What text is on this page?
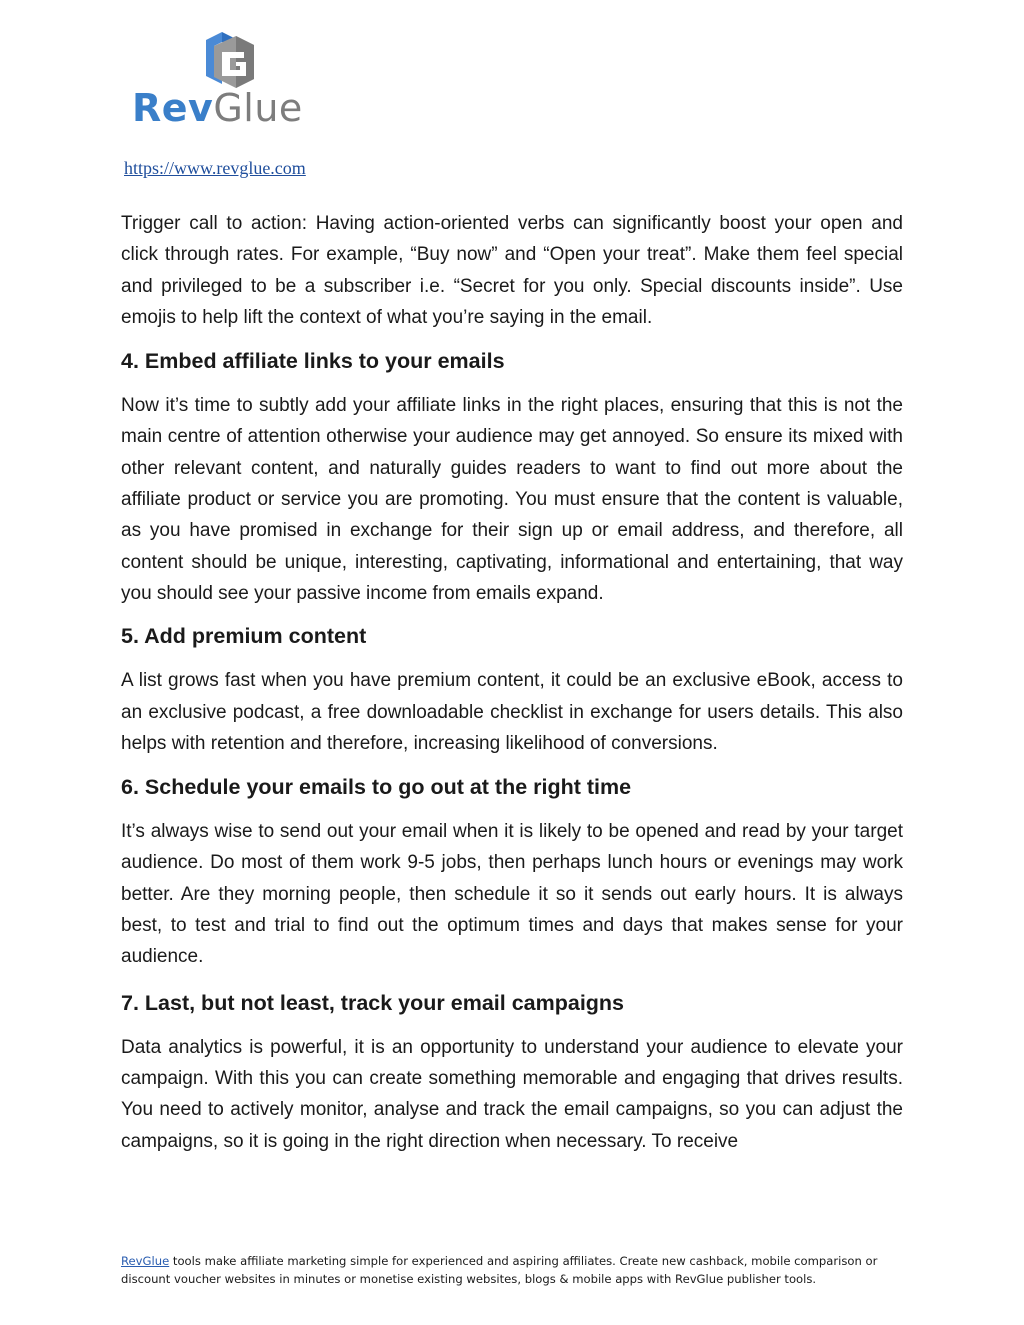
RevGlue
https://www.revglue.com

Trigger call to action: Having action-oriented verbs can significantly boost your open and click through rates. For example, “Buy now” and “Open your treat”. Make them feel special and privileged to be a subscriber i.e. “Secret for you only. Special discounts inside”. Use emojis to help lift the context of what you’re saying in the email.

4. Embed affiliate links to your emails

Now it’s time to subtly add your affiliate links in the right places, ensuring that this is not the main centre of attention otherwise your audience may get annoyed. So ensure its mixed with other relevant content, and naturally guides readers to want to find out more about the affiliate product or service you are promoting. You must ensure that the content is valuable, as you have promised in exchange for their sign up or email address, and therefore, all content should be unique, interesting, captivating, informational and entertaining, that way you should see your passive income from emails expand.

5. Add premium content

A list grows fast when you have premium content, it could be an exclusive eBook, access to an exclusive podcast, a free downloadable checklist in exchange for users details. This also helps with retention and therefore, increasing likelihood of conversions.

6. Schedule your emails to go out at the right time

It’s always wise to send out your email when it is likely to be opened and read by your target audience. Do most of them work 9-5 jobs, then perhaps lunch hours or evenings may work better. Are they morning people, then schedule it so it sends out early hours. It is always best, to test and trial to find out the optimum times and days that makes sense for your audience.

7. Last, but not least, track your email campaigns

Data analytics is powerful, it is an opportunity to understand your audience to elevate your campaign. With this you can create something memorable and engaging that drives results. You need to actively monitor, analyse and track the email campaigns, so you can adjust the campaigns, so it is going in the right direction when necessary. To receive

RevGlue tools make affiliate marketing simple for experienced and aspiring affiliates. Create new cashback, mobile comparison or discount voucher websites in minutes or monetise existing websites, blogs & mobile apps with RevGlue publisher tools.
